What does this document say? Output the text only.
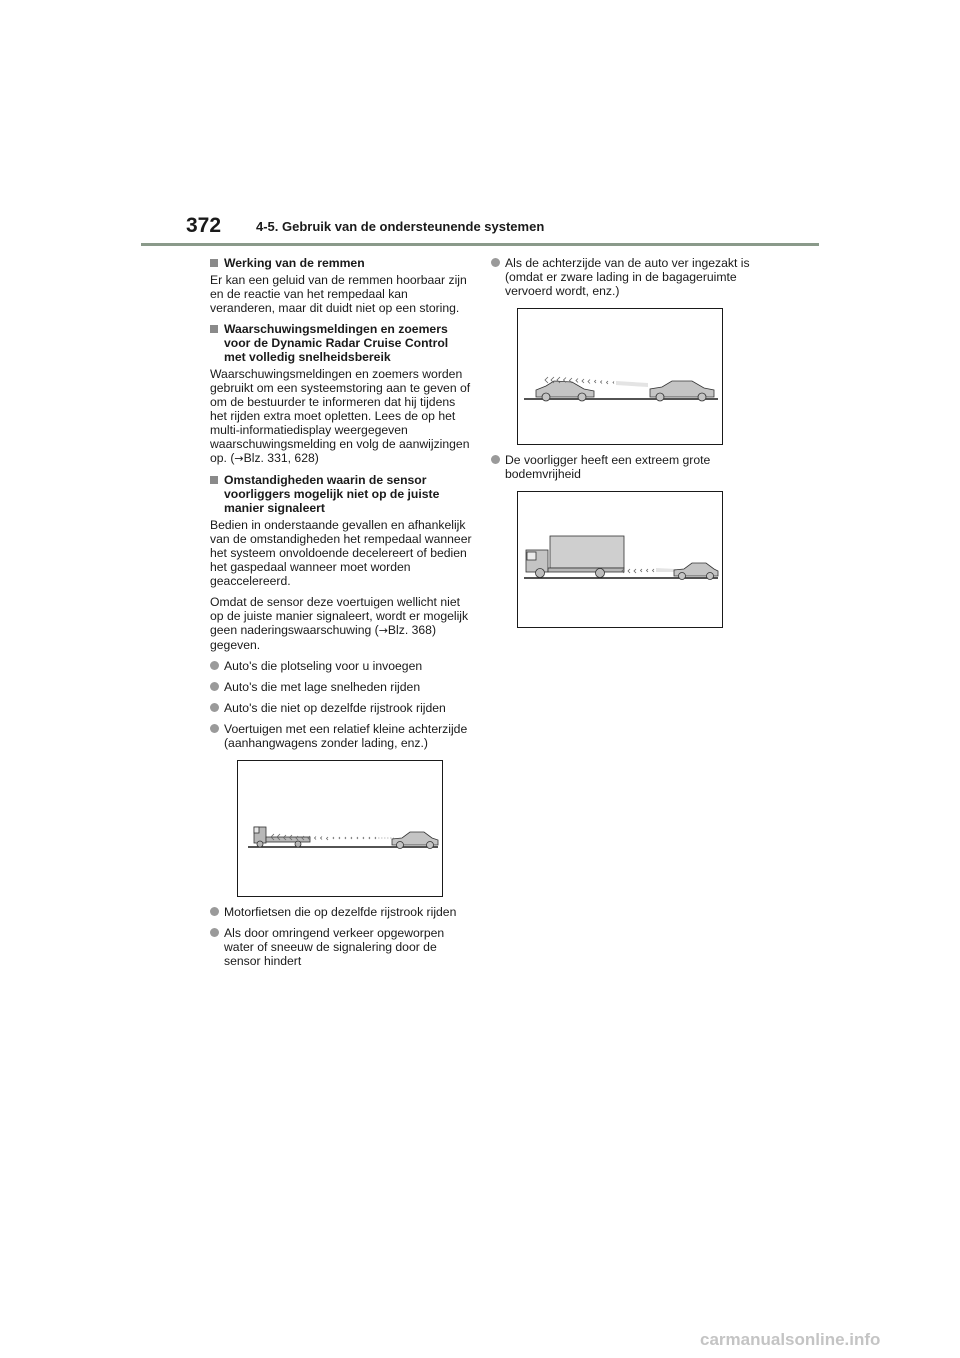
372	4-5. Gebruik van de ondersteunende systemen
Werking van de remmen
Er kan een geluid van de remmen hoorbaar zijn en de reactie van het rempedaal kan veranderen, maar dit duidt niet op een storing.
Waarschuwingsmeldingen en zoemers voor de Dynamic Radar Cruise Control met volledig snelheidsbereik
Waarschuwingsmeldingen en zoemers worden gebruikt om een systeemstoring aan te geven of om de bestuurder te informeren dat hij tijdens het rijden extra moet opletten. Lees de op het multi-informatiedisplay weergegeven waarschuwingsmelding en volg de aanwijzingen op. (→Blz. 331, 628)
Omstandigheden waarin de sensor voorliggers mogelijk niet op de juiste manier signaleert
Bedien in onderstaande gevallen en afhankelijk van de omstandigheden het rempedaal wanneer het systeem onvoldoende decelereert of bedien het gaspedaal wanneer moet worden geaccelereerd.
Omdat de sensor deze voertuigen wellicht niet op de juiste manier signaleert, wordt er mogelijk geen naderingswaarschuwing (→Blz. 368) gegeven.
Auto's die plotseling voor u invoegen
Auto's die met lage snelheden rijden
Auto's die niet op dezelfde rijstrook rijden
Voertuigen met een relatief kleine achterzijde (aanhangwagens zonder lading, enz.)
Motorfietsen die op dezelfde rijstrook rijden
Als door omringend verkeer opgeworpen water of sneeuw de signalering door de sensor hindert
Als de achterzijde van de auto ver ingezakt is (omdat er zware lading in de bagageruimte vervoerd wordt, enz.)
De voorligger heeft een extreem grote bodemvrijheid
carmanualsonline.info
